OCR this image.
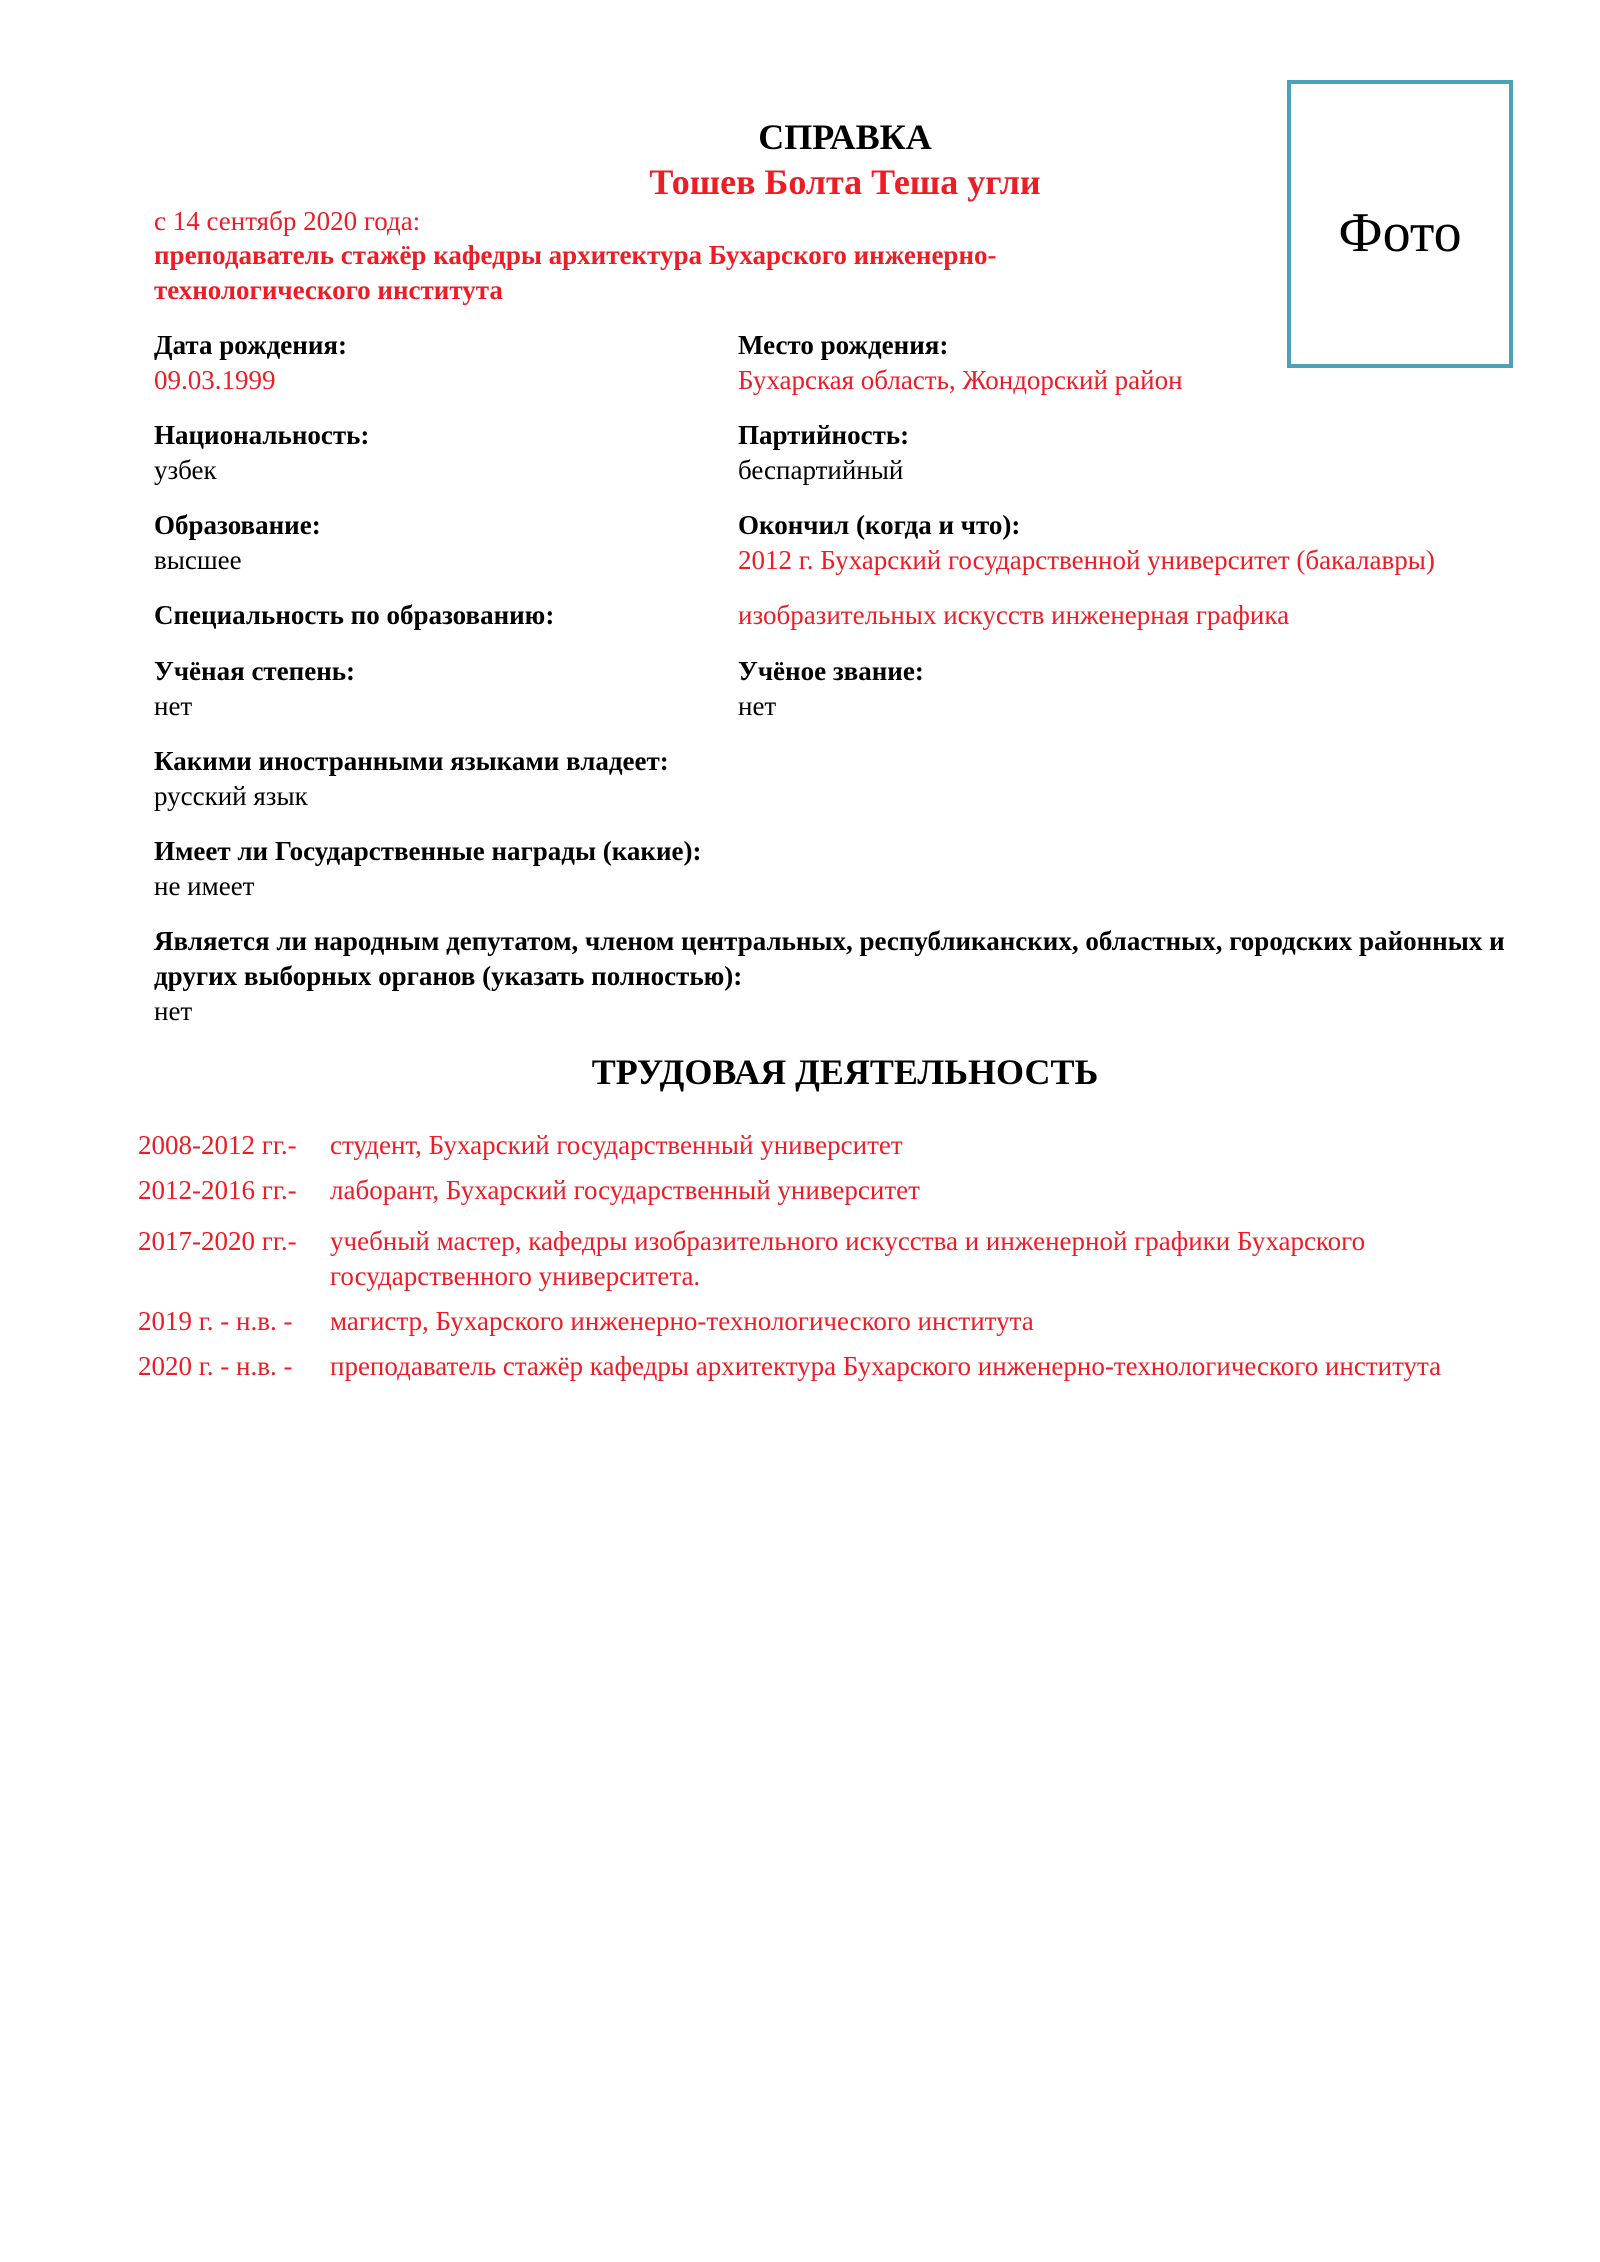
СПРАВКА
Тошев Болта Теша угли
с 14 сентябр 2020 года:
преподаватель стажёр кафедры архитектура Бухарского инженерно-технологического института
Фото
Дата рождения:
09.03.1999
Место рождения:
Бухарская область, Жондорский район
Национальность:
узбек
Партийность:
беспартийный
Образование:
высшее
Окончил (когда и что):
2012 г. Бухарский государственной университет (бакалавры)
Специальность по образованию:	изобразительных искусств инженерная графика
Учёная степень:
нет
Учёное звание:
нет
Какими иностранными языками владеет:
русский язык
Имеет ли Государственные награды (какие):
не имеет
Является ли народным депутатом, членом центральных, республиканских, областных, городских районных и других выборных органов (указать полностью):
нет
ТРУДОВАЯ ДЕЯТЕЛЬНОСТЬ
2008-2012 гг.-	студент, Бухарский государственный университет
2012-2016 гг.-	лаборант, Бухарский государственный университет
2017-2020 гг.-	учебный мастер, кафедры изобразительного искусства и инженерной графики Бухарского государственного университета.
2019 г. - н.в. -	магистр, Бухарского инженерно-технологического института
2020 г. - н.в. -	преподаватель стажёр кафедры архитектура Бухарского инженерно-технологического института
